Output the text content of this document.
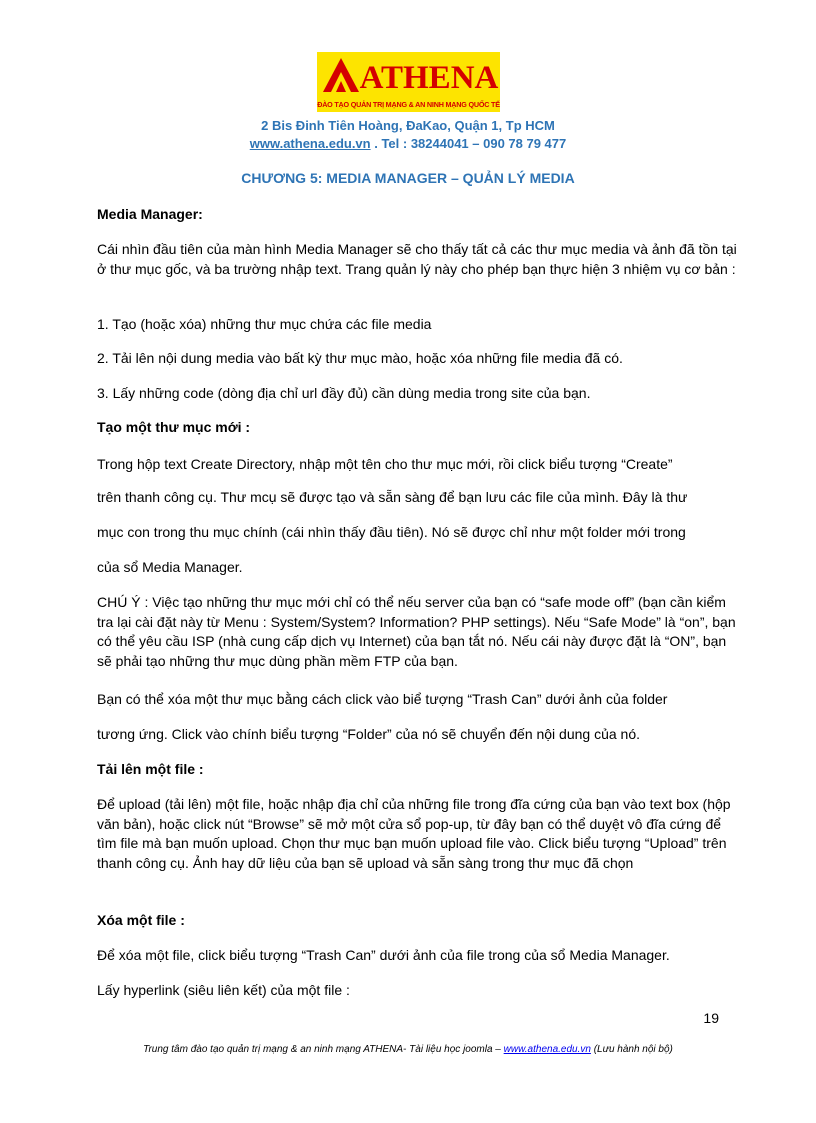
ATHENA
ĐÀO TẠO QUẢN TRỊ MẠNG & AN NINH MẠNG QUỐC TẾ
2 Bis Đinh Tiên Hoàng, ĐaKao, Quận 1, Tp HCM
www.athena.edu.vn . Tel : 38244041 – 090 78 79 477
CHƯƠNG 5: MEDIA MANAGER – QUẢN LÝ MEDIA
Media Manager:
Cái nhìn đầu tiên của màn hình Media Manager sẽ cho thấy tất cả các thư mục media và ảnh đã tồn tại ở thư mục gốc, và ba trường nhập text. Trang quản lý này cho phép bạn thực hiện 3 nhiệm vụ cơ bản :
1. Tạo (hoặc xóa) những thư mục chứa các file media
2. Tải lên nội dung media vào bất kỳ thư mục mào, hoặc xóa những file media đã có.
3. Lấy những code (dòng địa chỉ url đầy đủ) cần dùng media trong site của bạn.
Tạo một thư mục mới :
Trong hộp text Create Directory, nhập một tên cho thư mục mới, rồi click biểu tượng “Create”
trên thanh công cụ. Thư mcụ sẽ được tạo và sẵn sàng để bạn lưu các file của mình. Đây là thư
mục con trong thu mục chính (cái nhìn thấy đầu tiên). Nó sẽ được chỉ như một folder mới trong
của sổ Media Manager.
CHÚ Ý : Việc tạo những thư mục mới chỉ có thể nếu server của bạn có “safe mode off” (bạn cần kiểm tra lại cài đặt này từ Menu : System/System? Information? PHP settings). Nếu “Safe Mode” là “on”, bạn có thể yêu cầu ISP (nhà cung cấp dịch vụ Internet) của bạn tắt nó. Nếu cái này được đặt là “ON”, bạn sẽ phải tạo những thư mục dùng phần mềm FTP của bạn.
Bạn có thể xóa một thư mục bằng cách click vào biể tượng “Trash Can” dưới ảnh của folder
tương ứng. Click vào chính biểu tượng “Folder” của nó sẽ chuyển đến nội dung của nó.
Tải lên một file :
Để upload (tải lên) một file, hoặc nhập địa chỉ của những file trong đĩa cứng của bạn vào text box (hộp văn bản), hoặc click nút “Browse” sẽ mở một cửa sổ pop-up, từ đây bạn có thể duyệt vô đĩa cứng để tìm file mà bạn muốn upload. Chọn thư mục bạn muốn upload file vào. Click biểu tượng “Upload” trên thanh công cụ. Ảnh hay dữ liệu của bạn sẽ upload và sẵn sàng trong thư mục đã chọn
Xóa một file :
Để xóa một file, click biểu tượng “Trash Can” dưới ảnh của file trong của sổ Media Manager.
Lấy hyperlink (siêu liên kết) của một file :
19
Trung tâm đào tạo quản trị mạng & an ninh mạng ATHENA- Tài liệu học joomla – www.athena.edu.vn (Lưu hành nội bộ)
